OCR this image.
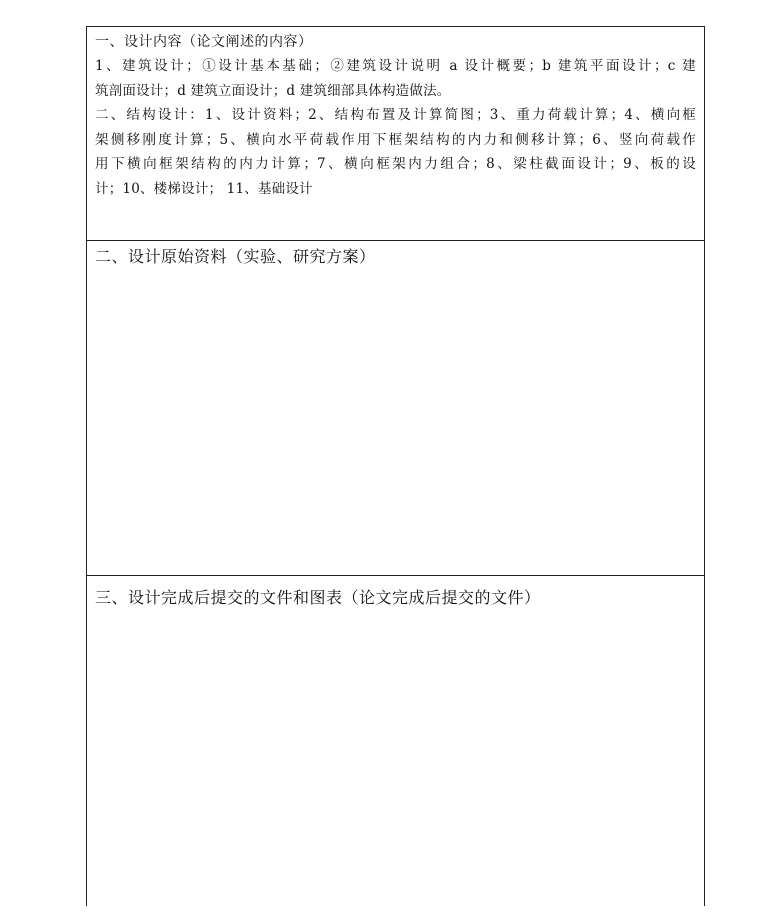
一、设计内容（论文阐述的内容）
1、建筑设计；①设计基本基础；②建筑设计说明 a 设计概要；b 建筑平面设计；c 建
筑剖面设计；d 建筑立面设计；d 建筑细部具体构造做法。
二、结构设计：1、设计资料；2、结构布置及计算简图；3、重力荷载计算；4、横向框
架侧移刚度计算；5、横向水平荷载作用下框架结构的内力和侧移计算；6、竖向荷载作
用下横向框架结构的内力计算；7、横向框架内力组合；8、梁柱截面设计；9、板的设
计；10、楼梯设计； 11、基础设计
二、设计原始资料（实验、研究方案）
三、设计完成后提交的文件和图表（论文完成后提交的文件）
